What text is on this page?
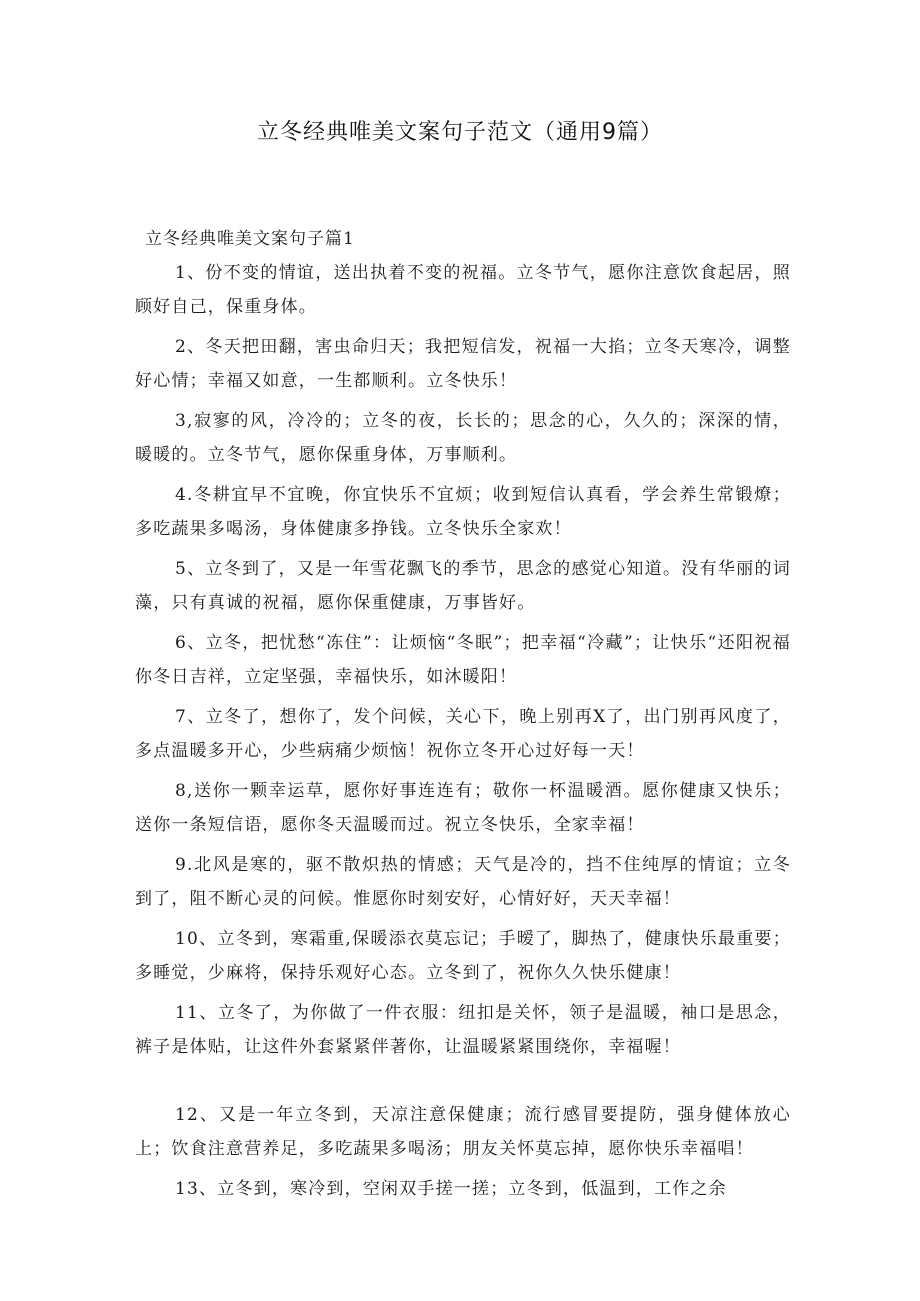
立冬经典唯美文案句子范文（通用9篇）

立冬经典唯美文案句子篇1

1、份不变的情谊，送出执着不变的祝福。立冬节气，愿你注意饮食起居，照顾好自己，保重身体。

2、冬天把田翻，害虫命归天；我把短信发，祝福一大掐；立冬天寒冷，调整好心情；幸福又如意，一生都顺利。立冬快乐！

3,寂寥的风，冷冷的；立冬的夜，长长的；思念的心，久久的；深深的情，暖暖的。立冬节气，愿你保重身体，万事顺利。

4.冬耕宜早不宜晚，你宜快乐不宜烦；收到短信认真看，学会养生常锻燎；多吃蔬果多喝汤，身体健康多挣钱。立冬快乐全家欢！

5、立冬到了，又是一年雪花飘飞的季节，思念的感觉心知道。没有华丽的词藻，只有真诚的祝福，愿你保重健康，万事皆好。

6、立冬，把忧愁“冻住”：让烦恼“冬眠”；把幸福“冷藏”；让快乐“还阳祝福你冬日吉祥，立定坚强，幸福快乐，如沐暖阳！

7、立冬了，想你了，发个问候，关心下，晚上别再X了，出门别再风度了，多点温暖多开心，少些病痛少烦恼！祝你立冬开心过好每一天！

8,送你一颗幸运草，愿你好事连连有；敬你一杯温暖酒。愿你健康又快乐；送你一条短信语，愿你冬天温暖而过。祝立冬快乐，全家幸福！

9.北风是寒的，驱不散炽热的情感；天气是冷的，挡不住纯厚的情谊；立冬到了，阻不断心灵的问候。惟愿你时刻安好，心情好好，天天幸福！

10、立冬到，寒霜重,保暖添衣莫忘记；手暧了，脚热了，健康快乐最重要；多睡觉，少麻将，保持乐观好心态。立冬到了，祝你久久快乐健康！

11、立冬了，为你做了一件衣服：纽扣是关怀，领子是温暖，袖口是思念，裤子是体贴，让这件外套紧紧伴著你，让温暖紧紧围绕你，幸福喔！

12、又是一年立冬到，天凉注意保健康；流行感冒要提防，强身健体放心上；饮食注意营养足，多吃蔬果多喝汤；朋友关怀莫忘掉，愿你快乐幸福唱！

13、立冬到，寒冷到，空闲双手搓一搓；立冬到，低温到，工作之余
